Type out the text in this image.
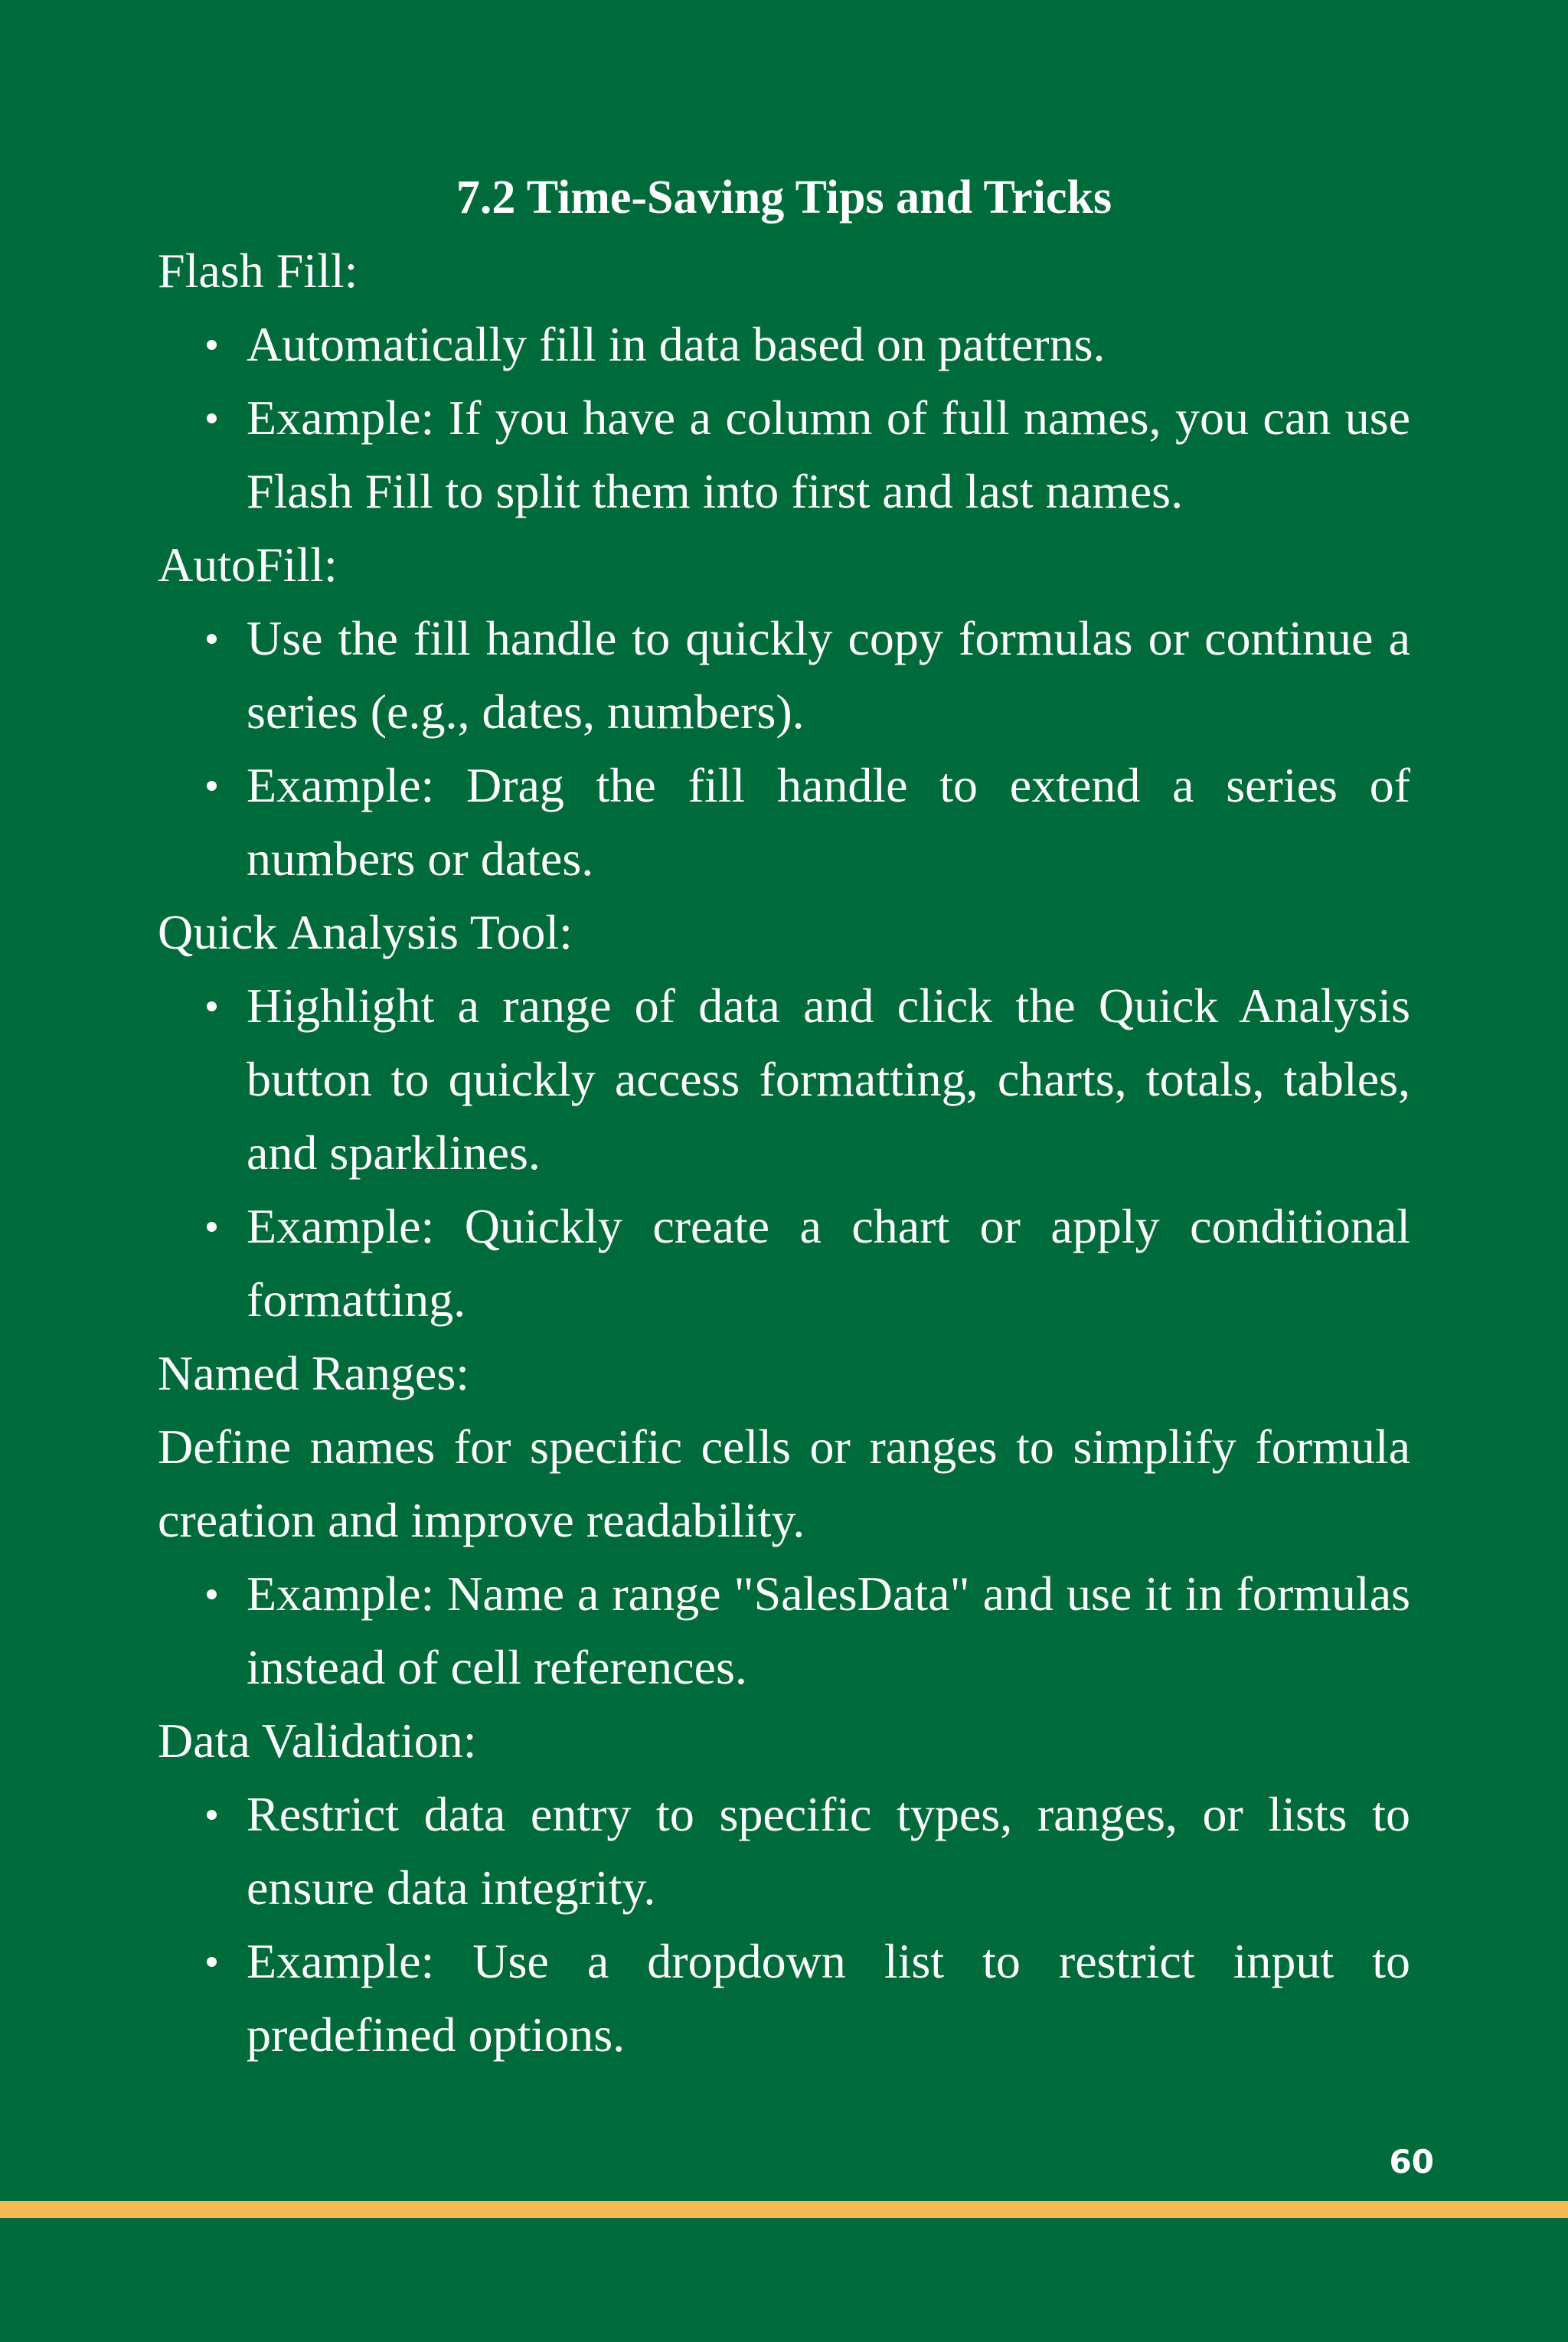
7.2 Time-Saving Tips and Tricks

Flash Fill:

Automatically fill in data based on patterns.
Example: If you have a column of full names, you can use Flash Fill to split them into first and last names.

AutoFill:

Use the fill handle to quickly copy formulas or continue a series (e.g., dates, numbers).
Example: Drag the fill handle to extend a series of numbers or dates.

Quick Analysis Tool:

Highlight a range of data and click the Quick Analysis button to quickly access formatting, charts, totals, tables, and sparklines.
Example: Quickly create a chart or apply conditional formatting.

Named Ranges:

Define names for specific cells or ranges to simplify formula creation and improve readability.

Example: Name a range "SalesData" and use it in formulas instead of cell references.

Data Validation:

Restrict data entry to specific types, ranges, or lists to ensure data integrity.
Example: Use a dropdown list to restrict input to predefined options.
60
